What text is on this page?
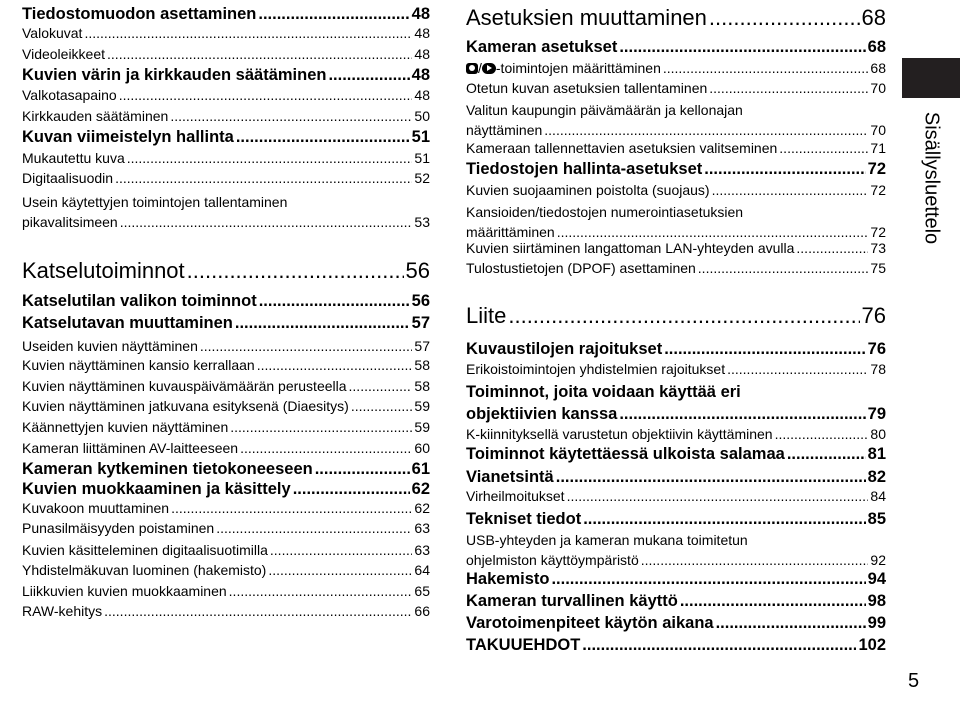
Tiedostomuodon asettaminen .....	48
Valokuvat .....	48
Videoleikkeet .....	48
Kuvien värin ja kirkkauden säätäminen .....	48
Valkotasapaino .....	48
Kirkkauden säätäminen .....	50
Kuvan viimeistelyn hallinta .....	51
Mukautettu kuva .....	51
Digitaalisuodin .....	52
Usein käytettyjen toimintojen tallentaminen
pikavalitsimeen .....	53
Katselutoiminnot .....	56
Katselutilan valikon toiminnot .....	56
Katselutavan muuttaminen .....	57
Useiden kuvien näyttäminen .....	57
Kuvien näyttäminen kansio kerrallaan .....	58
Kuvien näyttäminen kuvauspäivämäärän perusteella .....	58
Kuvien näyttäminen jatkuvana esityksenä (Diaesitys) .....	59
Käännettyjen kuvien näyttäminen .....	59
Kameran liittäminen AV-laitteeseen .....	60
Kameran kytkeminen tietokoneeseen .....	61
Kuvien muokkaaminen ja käsittely .....	62
Kuvakoon muuttaminen .....	62
Punasilmäisyyden poistaminen .....	63
Kuvien käsitteleminen digitaalisuotimilla .....	63
Yhdistelmäkuvan luominen (hakemisto) .....	64
Liikkuvien kuvien muokkaaminen .....	65
RAW-kehitys .....	66
Asetuksien muuttaminen .....	68
Kameran asetukset .....	68
/ -toimintojen määrittäminen .....	68
Otetun kuvan asetuksien tallentaminen .....	70
Valitun kaupungin päivämäärän ja kellonajan
näyttäminen .....	70
Kameraan tallennettavien asetuksien valitseminen .....	71
Tiedostojen hallinta-asetukset .....	72
Kuvien suojaaminen poistolta (suojaus) .....	72
Kansioiden/tiedostojen numerointiasetuksien
määrittäminen .....	72
Kuvien siirtäminen langattoman LAN-yhteyden avulla .....	73
Tulostustietojen (DPOF) asettaminen .....	75
Liite .....	76
Kuvaustilojen rajoitukset .....	76
Erikoistoimintojen yhdistelmien rajoitukset .....	78
Toiminnot, joita voidaan käyttää eri
objektiivien kanssa .....	79
K-kiinnityksellä varustetun objektiivin käyttäminen .....	80
Toiminnot käytettäessä ulkoista salamaa .....	81
Vianetsintä .....	82
Virheilmoitukset .....	84
Tekniset tiedot .....	85
USB-yhteyden ja kameran mukana toimitetun
ohjelmiston käyttöympäristö .....	92
Hakemisto .....	94
Kameran turvallinen käyttö .....	98
Varotoimenpiteet käytön aikana .....	99
TAKUUEHDOT .....	102
Sisällysluettelo
5
